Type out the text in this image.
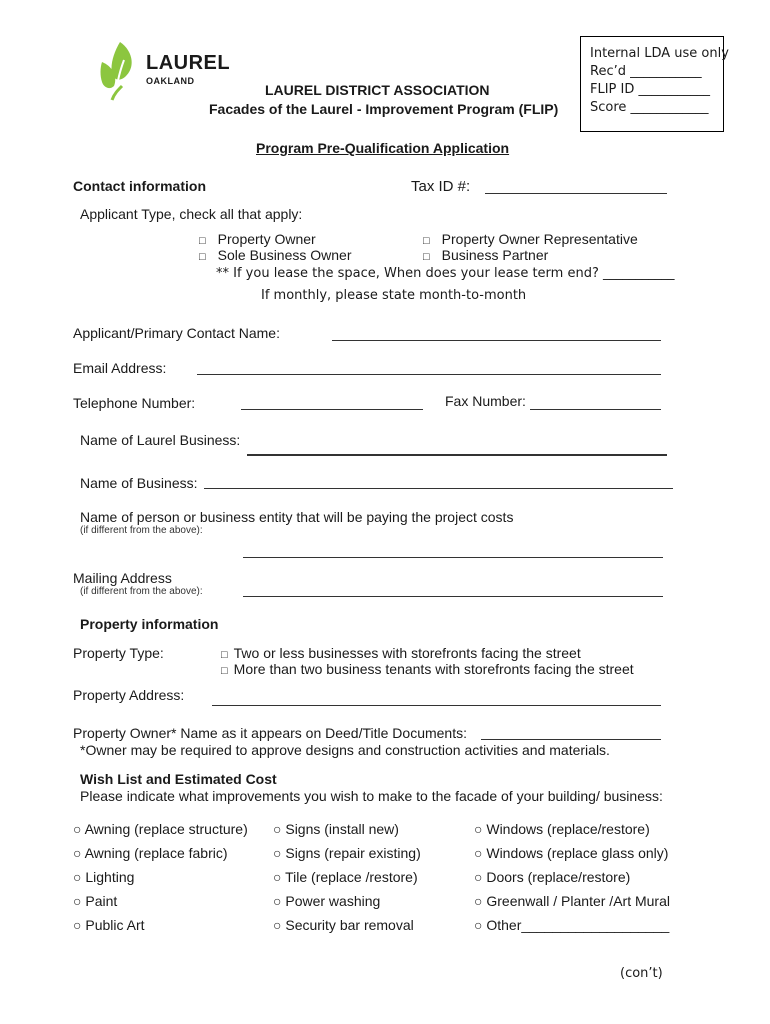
LAUREL
OAKLAND
LAUREL DISTRICT ASSOCIATION
Facades of the Laurel - Improvement Program (FLIP)
Program Pre-Qualification Application
Internal LDA use only
Rec’d ___________
FLIP ID ___________
Score ____________
Contact information	Tax ID #:
Applicant Type, check all that apply:
□ Property Owner	□ Property Owner Representative
□ Sole Business Owner	□ Business Partner
** If you lease the space, When does your lease term end? ___________
If monthly, please state month-to-month
Applicant/Primary Contact Name:
Email Address:
Telephone Number:	Fax Number:
Name of Laurel Business:
Name of Business:
Name of person or business entity that will be paying the project costs
(if different from the above):
Mailing Address
(if different from the above):
Property information
Property Type:	□ Two or less businesses with storefronts facing the street
□ More than two business tenants with storefronts facing the street
Property Address:
Property Owner* Name as it appears on Deed/Title Documents:
*Owner may be required to approve designs and construction activities and materials.
Wish List and Estimated Cost
Please indicate what improvements you wish to make to the facade of your building/ business:
○ Awning (replace structure)
○ Awning (replace fabric)
○ Lighting
○ Paint
○ Public Art
○ Signs (install new)
○ Signs (repair existing)
○ Tile (replace /restore)
○ Power washing
○ Security bar removal
○ Windows (replace/restore)
○ Windows (replace glass only)
○ Doors (replace/restore)
○ Greenwall / Planter /Art Mural
○ Other___________________
(con’t)
